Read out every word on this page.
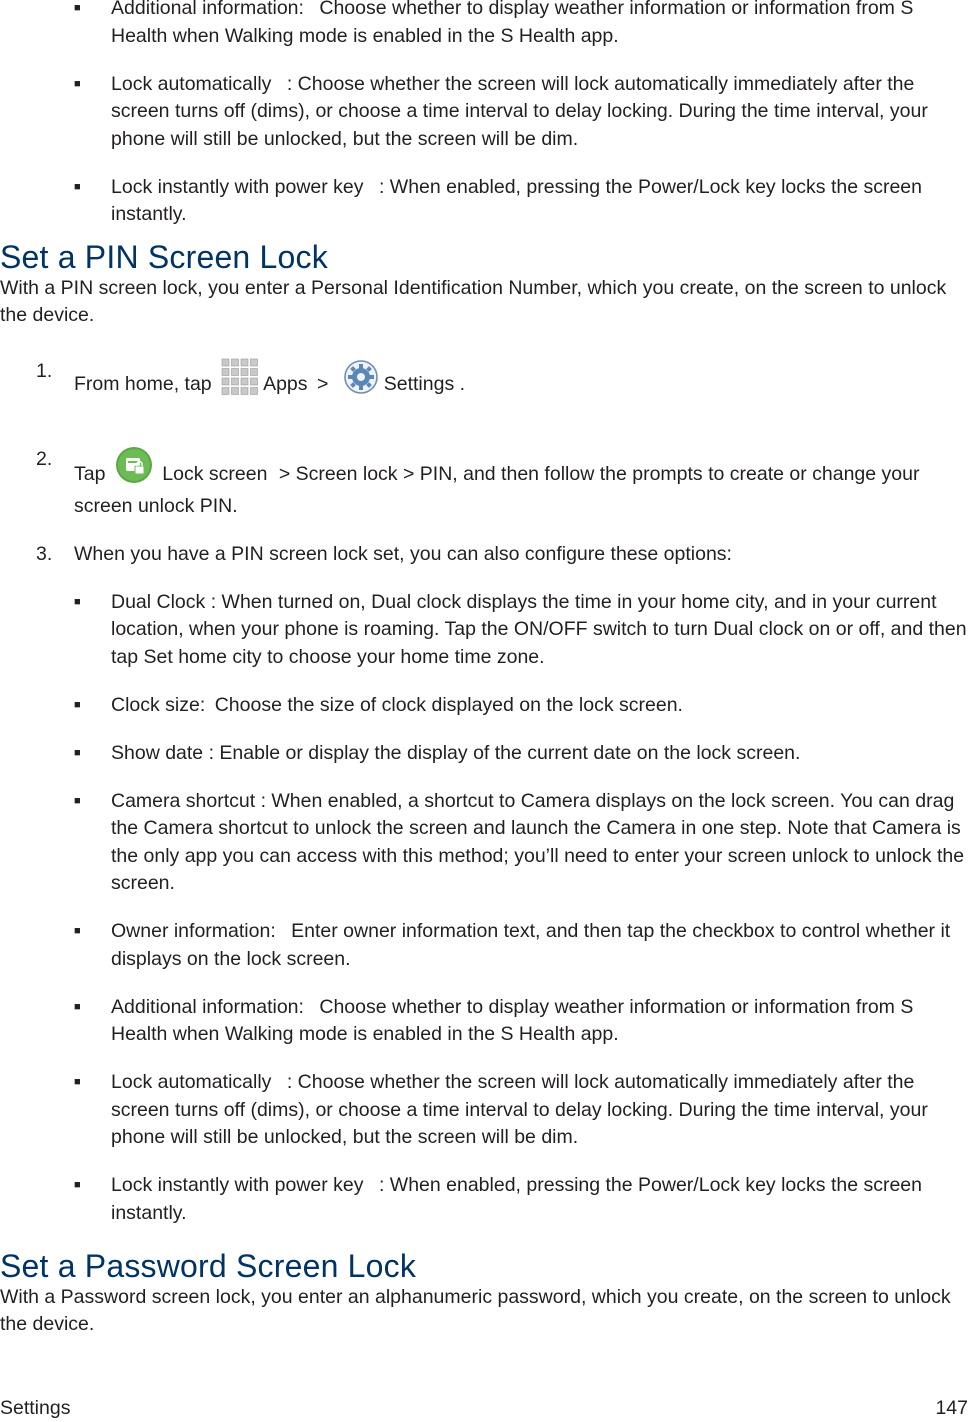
■ Additional information: Choose whether to display weather information or information from S Health when Walking mode is enabled in the S Health app.
■ Lock automatically : Choose whether the screen will lock automatically immediately after the screen turns off (dims), or choose a time interval to delay locking. During the time interval, your phone will still be unlocked, but the screen will be dim.
■ Lock instantly with power key : When enabled, pressing the Power/Lock key locks the screen instantly.
Set a PIN Screen Lock

With a PIN screen lock, you enter a Personal Identification Number, which you create, on the screen to unlock the device.

1.
From home, tap	Apps >	Settings .
2.
Tap	Lock screen > Screen lock > PIN, and then follow the prompts to create or change your screen unlock PIN.
3. When you have a PIN screen lock set, you can also configure these options:
■ Dual Clock : When turned on, Dual clock displays the time in your home city, and in your current location, when your phone is roaming. Tap the ON/OFF switch to turn Dual clock on or off, and then tap Set home city to choose your home time zone.
■ Clock size: Choose the size of clock displayed on the lock screen.
■ Show date : Enable or display the display of the current date on the lock screen.
■ Camera shortcut : When enabled, a shortcut to Camera displays on the lock screen. You can drag the Camera shortcut to unlock the screen and launch the Camera in one step. Note that Camera is the only app you can access with this method; you’ll need to enter your screen unlock to unlock the screen.
■ Owner information: Enter owner information text, and then tap the checkbox to control whether it displays on the lock screen.
■ Additional information: Choose whether to display weather information or information from S Health when Walking mode is enabled in the S Health app.
■ Lock automatically : Choose whether the screen will lock automatically immediately after the screen turns off (dims), or choose a time interval to delay locking. During the time interval, your phone will still be unlocked, but the screen will be dim.
■ Lock instantly with power key : When enabled, pressing the Power/Lock key locks the screen instantly.
Set a Password Screen Lock

With a Password screen lock, you enter an alphanumeric password, which you create, on the screen to unlock the device.

Settings	147
